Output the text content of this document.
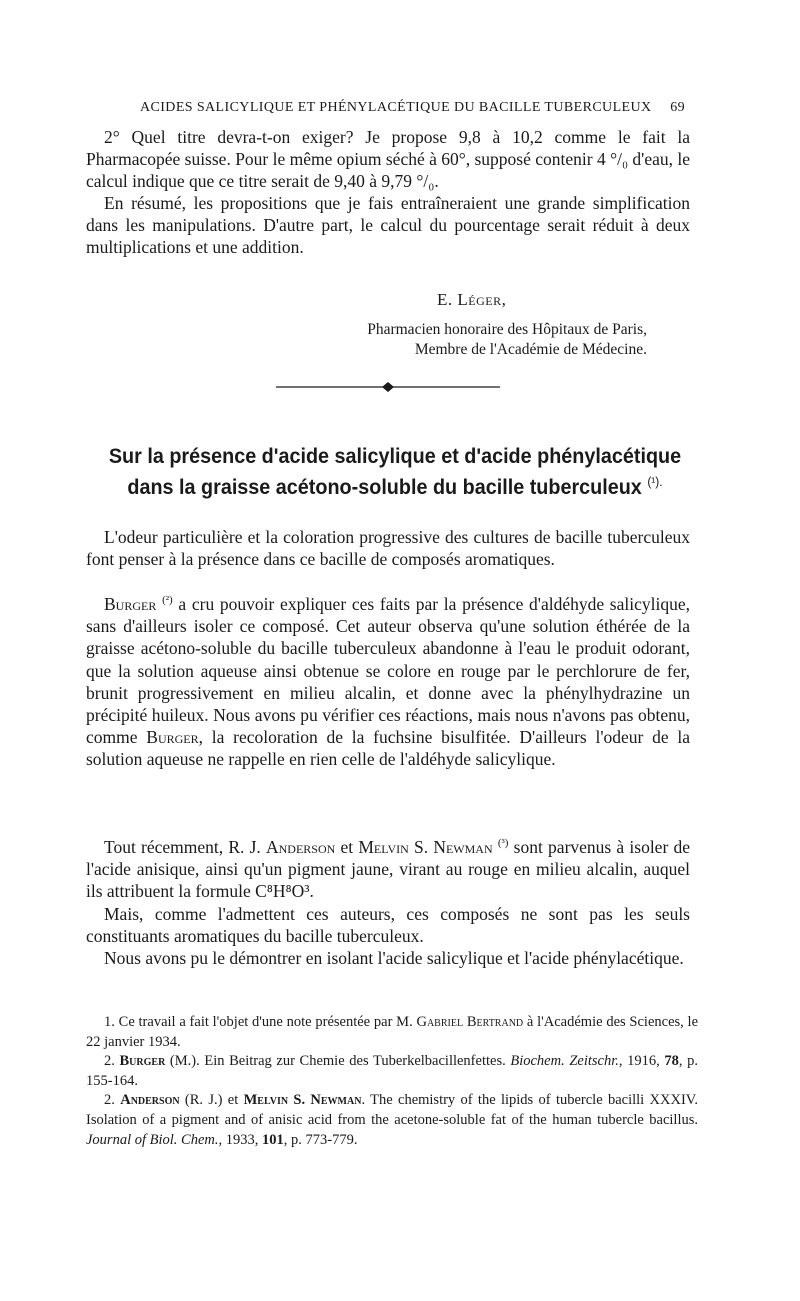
ACIDES SALICYLIQUE ET PHÉNYLACÉTIQUE DU BACILLE TUBERCULEUX 69

2° Quel titre devra-t-on exiger? Je propose 9,8 à 10,2 comme le fait la Pharmacopée suisse. Pour le même opium séché à 60°, supposé contenir 4 °/₀ d'eau, le calcul indique que ce titre serait de 9,40 à 9,79 °/₀.

En résumé, les propositions que je fais entraîneraient une grande simplification dans les manipulations. D'autre part, le calcul du pourcentage serait réduit à deux multiplications et une addition.

E. Léger,
Pharmacien honoraire des Hôpitaux de Paris,
Membre de l'Académie de Médecine.
Sur la présence d'acide salicylique et d'acide phénylacétique
dans la graisse acétono-soluble du bacille tuberculeux $^{(^1).}$

L'odeur particulière et la coloration progressive des cultures de bacille tuberculeux font penser à la présence dans ce bacille de composés aromatiques.

Burger $^{(^2)}$ a cru pouvoir expliquer ces faits par la présence d'aldéhyde salicylique, sans d'ailleurs isoler ce composé. Cet auteur observa qu'une solution éthérée de la graisse acétono-soluble du bacille tuberculeux abandonne à l'eau le produit odorant, que la solution aqueuse ainsi obtenue se colore en rouge par le perchlorure de fer, brunit progressivement en milieu alcalin, et donne avec la phénylhydrazine un précipité huileux. Nous avons pu vérifier ces réactions, mais nous n'avons pas obtenu, comme Burger, la recoloration de la fuchsine bisulfitée. D'ailleurs l'odeur de la solution aqueuse ne rappelle en rien celle de l'aldéhyde salicylique.

Tout récemment, R. J. Anderson et Melvin S. Newman $^{(^3)}$ sont parvenus à isoler de l'acide anisique, ainsi qu'un pigment jaune, virant au rouge en milieu alcalin, auquel ils attribuent la formule C⁸H⁸O³.

Mais, comme l'admettent ces auteurs, ces composés ne sont pas les seuls constituants aromatiques du bacille tuberculeux.

Nous avons pu le démontrer en isolant l'acide salicylique et l'acide phénylacétique.

1. Ce travail a fait l'objet d'une note présentée par M. Gabriel Bertrand à l'Académie des Sciences, le 22 janvier 1934.

2. Burger (M.). Ein Beitrag zur Chemie des Tuberkelbacillenfettes. Biochem. Zeitschr., 1916, 78, p. 155-164.

2. Anderson (R. J.) et Melvin S. Newman. The chemistry of the lipids of tubercle bacilli XXXIV. Isolation of a pigment and of anisic acid from the acetone-soluble fat of the human tubercle bacillus. Journal of Biol. Chem., 1933, 101, p. 773-779.
